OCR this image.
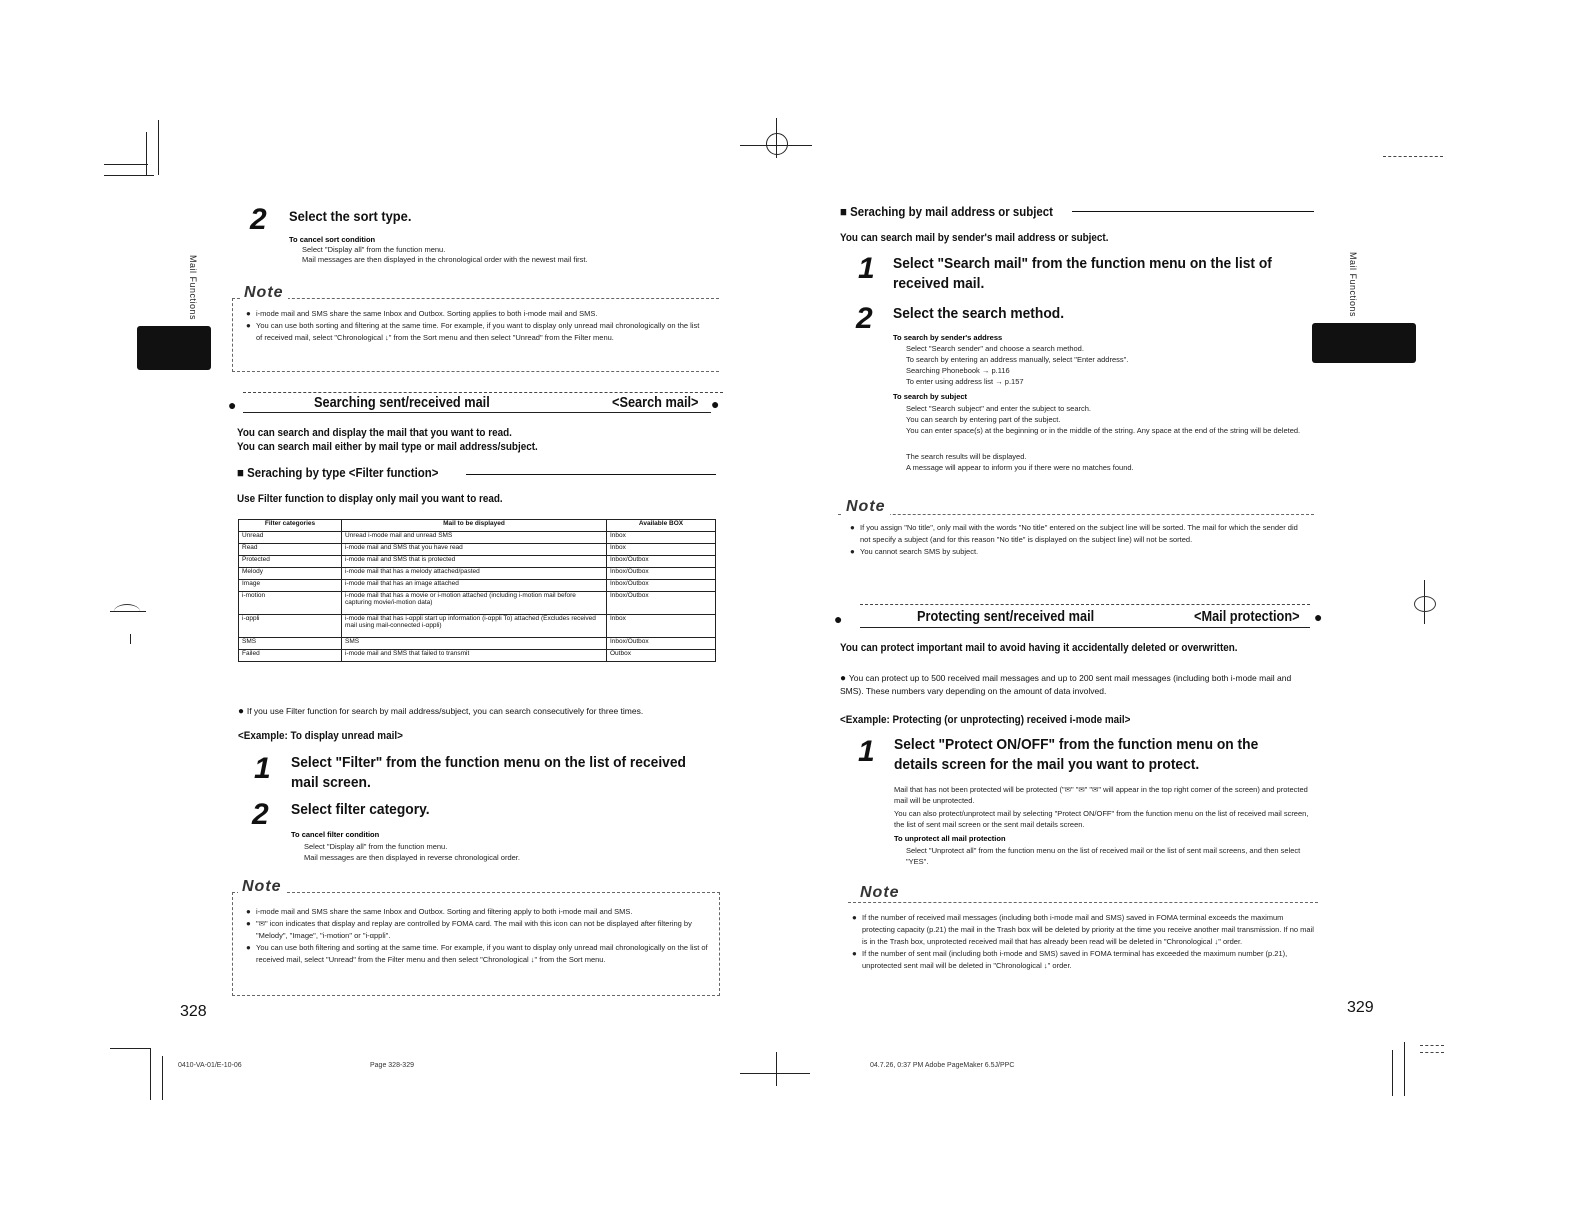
Mail Functions
2 Select the sort type.
To cancel sort condition
Select "Display all" from the function menu.
Mail messages are then displayed in the chronological order with the newest mail first.
Note
● i-mode mail and SMS share the same Inbox and Outbox. Sorting applies to both i-mode mail and SMS.
● You can use both sorting and filtering at the same time. For example, if you want to display only unread mail chronologically on the list of received mail, select "Chronological ↓" from the Sort menu and then select "Unread" from the Filter menu.
●	Searching sent/received mail	<Search mail> ●
You can search and display the mail that you want to read.
You can search mail either by mail type or mail address/subject.
■ Seraching by type <Filter function>
Use Filter function to display only mail you want to read.
Filter categories	Mail to be displayed	Available BOX
Unread	Unread i-mode mail and unread SMS	Inbox
Read	i-mode mail and SMS that you have read	Inbox
Protected	i-mode mail and SMS that is protected	Inbox/Outbox
Melody	i-mode mail that has a melody attached/pasted	Inbox/Outbox
Image	i-mode mail that has an image attached	Inbox/Outbox
i-motion	i-mode mail that has a movie or i-motion attached (including i-motion mail before capturing movie/i-motion data)	Inbox/Outbox
i-αppli	i-mode mail that has i-αppli start up information (i-αppli To) attached (Excludes received mail using mail-connected i-αppli)	Inbox
SMS	SMS	Inbox/Outbox
Failed	i-mode mail and SMS that failed to transmit	Outbox
● If you use Filter function for search by mail address/subject, you can search consecutively for three times.
<Example: To display unread mail>
1 Select "Filter" from the function menu on the list of received mail screen.
2 Select filter category.
To cancel filter condition
Select "Display all" from the function menu.
Mail messages are then displayed in reverse chronological order.
Note
● i-mode mail and SMS share the same Inbox and Outbox. Sorting and filtering apply to both i-mode mail and SMS.
● "✉" icon indicates that display and replay are controlled by FOMA card. The mail with this icon can not be displayed after filtering by "Melody", "Image", "i-motion" or "i-αppli".
● You can use both filtering and sorting at the same time. For example, if you want to display only unread mail chronologically on the list of received mail, select "Unread" from the Filter menu and then select "Chronological ↓" from the Sort menu.
328
0410-VA-01/E-10-06	Page 328-329
Mail Functions
■ Seraching by mail address or subject
You can search mail by sender's mail address or subject.
1 Select "Search mail" from the function menu on the list of received mail.
2 Select the search method.
To search by sender's address
Select "Search sender" and choose a search method.
To search by entering an address manually, select "Enter address".
Searching Phonebook → p.116
To enter using address list → p.157
To search by subject
Select "Search subject" and enter the subject to search.
You can search by entering part of the subject.
You can enter space(s) at the beginning or in the middle of the string. Any space at the end of the string will be deleted.
The search results will be displayed.
A message will appear to inform you if there were no matches found.
Note
● If you assign "No title", only mail with the words "No title" entered on the subject line will be sorted. The mail for which the sender did not specify a subject (and for this reason "No title" is displayed on the subject line) will not be sorted.
● You cannot search SMS by subject.
●	Protecting sent/received mail	<Mail protection> ●
You can protect important mail to avoid having it accidentally deleted or overwritten.
● You can protect up to 500 received mail messages and up to 200 sent mail messages (including both i-mode mail and SMS). These numbers vary depending on the amount of data involved.
<Example: Protecting (or unprotecting) received i-mode mail>
1 Select "Protect ON/OFF" from the function menu on the details screen for the mail you want to protect.
Mail that has not been protected will be protected ("✉" "✉" "✉" will appear in the top right corner of the screen) and protected mail will be unprotected.
You can also protect/unprotect mail by selecting "Protect ON/OFF" from the function menu on the list of received mail screen, the list of sent mail screen or the sent mail details screen.
To unprotect all mail protection
Select "Unprotect all" from the function menu on the list of received mail or the list of sent mail screens, and then select "YES".
Note
● If the number of received mail messages (including both i-mode mail and SMS) saved in FOMA terminal exceeds the maximum protecting capacity (p.21) the mail in the Trash box will be deleted by priority at the time you receive another mail transmission. If no mail is in the Trash box, unprotected received mail that has already been read will be deleted in "Chronological ↓" order.
● If the number of sent mail (including both i-mode and SMS) saved in FOMA terminal has exceeded the maximum number (p.21), unprotected sent mail will be deleted in "Chronological ↓" order.
329
04.7.26, 0:37 PM Adobe PageMaker 6.5J/PPC
